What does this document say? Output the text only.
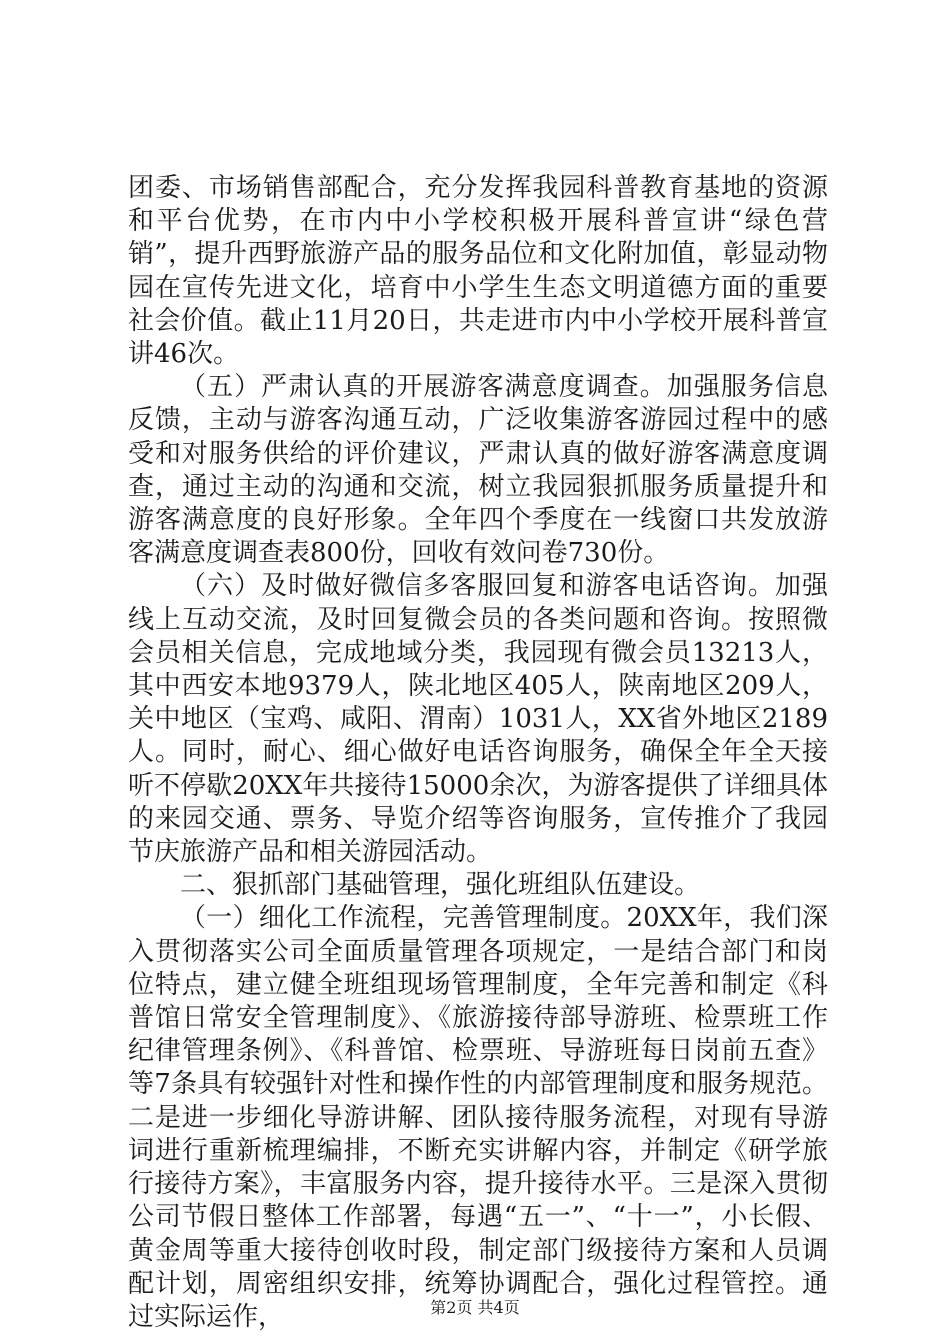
团委、市场销售部配合，充分发挥我园科普教育基地的资源和平台优势，在市内中小学校积极开展科普宣讲“绿色营销”，提升西野旅游产品的服务品位和文化附加值，彰显动物园在宣传先进文化，培育中小学生生态文明道德方面的重要社会价值。截止11月20日，共走进市内中小学校开展科普宣讲46次。

（五）严肃认真的开展游客满意度调查。加强服务信息反馈，主动与游客沟通互动，广泛收集游客游园过程中的感受和对服务供给的评价建议，严肃认真的做好游客满意度调查，通过主动的沟通和交流，树立我园狠抓服务质量提升和游客满意度的良好形象。全年四个季度在一线窗口共发放游客满意度调查表800份，回收有效问卷730份。

（六）及时做好微信多客服回复和游客电话咨询。加强线上互动交流，及时回复微会员的各类问题和咨询。按照微会员相关信息，完成地域分类，我园现有微会员13213人，其中西安本地9379人，陕北地区405人，陕南地区209人，关中地区（宝鸡、咸阳、渭南）1031人，XX省外地区2189人。同时，耐心、细心做好电话咨询服务，确保全年全天接听不停歇20XX年共接待15000余次，为游客提供了详细具体的来园交通、票务、导览介绍等咨询服务，宣传推介了我园节庆旅游产品和相关游园活动。

二、狠抓部门基础管理，强化班组队伍建设。

（一）细化工作流程，完善管理制度。20XX年，我们深入贯彻落实公司全面质量管理各项规定，一是结合部门和岗位特点，建立健全班组现场管理制度，全年完善和制定《科普馆日常安全管理制度》、《旅游接待部导游班、检票班工作纪律管理条例》、《科普馆、检票班、导游班每日岗前五查》等7条具有较强针对性和操作性的内部管理制度和服务规范。二是进一步细化导游讲解、团队接待服务流程，对现有导游词进行重新梳理编排，不断充实讲解内容，并制定《研学旅行接待方案》，丰富服务内容，提升接待水平。三是深入贯彻公司节假日整体工作部署，每遇“五一”、“十一”，小长假、黄金周等重大接待创收时段，制定部门级接待方案和人员调配计划，周密组织安排，统筹协调配合，强化过程管控。通过实际运作，	第2页 共4页
